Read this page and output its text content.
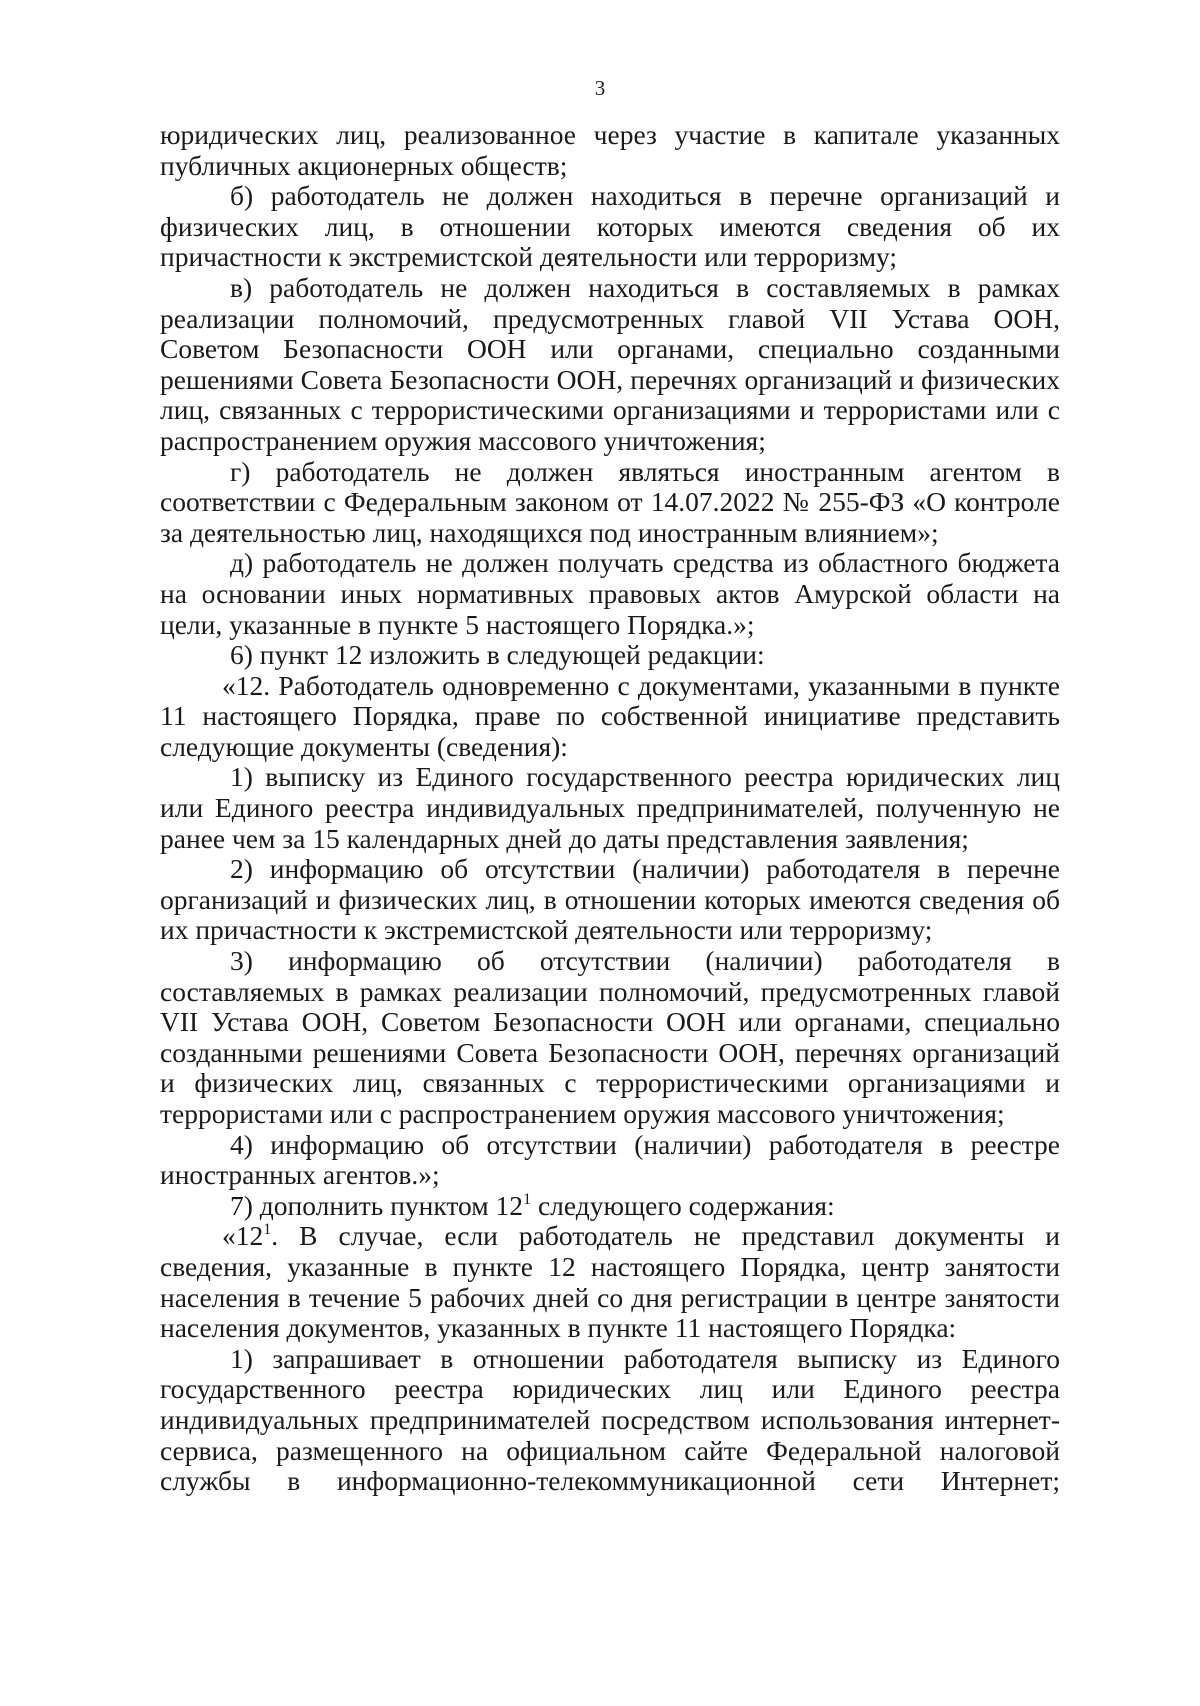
3

юридических лиц, реализованное через участие в капитале указанных публичных акционерных обществ;

б) работодатель не должен находиться в перечне организаций и физических лиц, в отношении которых имеются сведения об их причастности к экстремистской деятельности или терроризму;

в) работодатель не должен находиться в составляемых в рамках реализации полномочий, предусмотренных главой VII Устава ООН, Советом Безопасности ООН или органами, специально созданными решениями Совета Безопасности ООН, перечнях организаций и физических лиц, связанных с террористическими организациями и террористами или с распространением оружия массового уничтожения;

г) работодатель не должен являться иностранным агентом в соответствии с Федеральным законом от 14.07.2022 № 255-ФЗ «О контроле за деятельностью лиц, находящихся под иностранным влиянием»;

д) работодатель не должен получать средства из областного бюджета на основании иных нормативных правовых актов Амурской области на цели, указанные в пункте 5 настоящего Порядка.»;

6) пункт 12 изложить в следующей редакции:

«12. Работодатель одновременно с документами, указанными в пункте 11 настоящего Порядка, праве по собственной инициативе представить следующие документы (сведения):

1) выписку из Единого государственного реестра юридических лиц или Единого реестра индивидуальных предпринимателей, полученную не ранее чем за 15 календарных дней до даты представления заявления;

2) информацию об отсутствии (наличии) работодателя в перечне организаций и физических лиц, в отношении которых имеются сведения об их причастности к экстремистской деятельности или терроризму;

3) информацию об отсутствии (наличии) работодателя в составляемых в рамках реализации полномочий, предусмотренных главой VII Устава ООН, Советом Безопасности ООН или органами, специально созданными решениями Совета Безопасности ООН, перечнях организаций и физических лиц, связанных с террористическими организациями и террористами или с распространением оружия массового уничтожения;

4) информацию об отсутствии (наличии) работодателя в реестре иностранных агентов.»;

7) дополнить пунктом $12^1$ следующего содержания:

«$12^1$. В случае, если работодатель не представил документы и сведения, указанные в пункте 12 настоящего Порядка, центр занятости населения в течение 5 рабочих дней со дня регистрации в центре занятости населения документов, указанных в пункте 11 настоящего Порядка:

1) запрашивает в отношении работодателя выписку из Единого государственного реестра юридических лиц или Единого реестра индивидуальных предпринимателей посредством использования интернет-сервиса, размещенного на официальном сайте Федеральной налоговой службы в информационно-телекоммуникационной сети Интернет;
